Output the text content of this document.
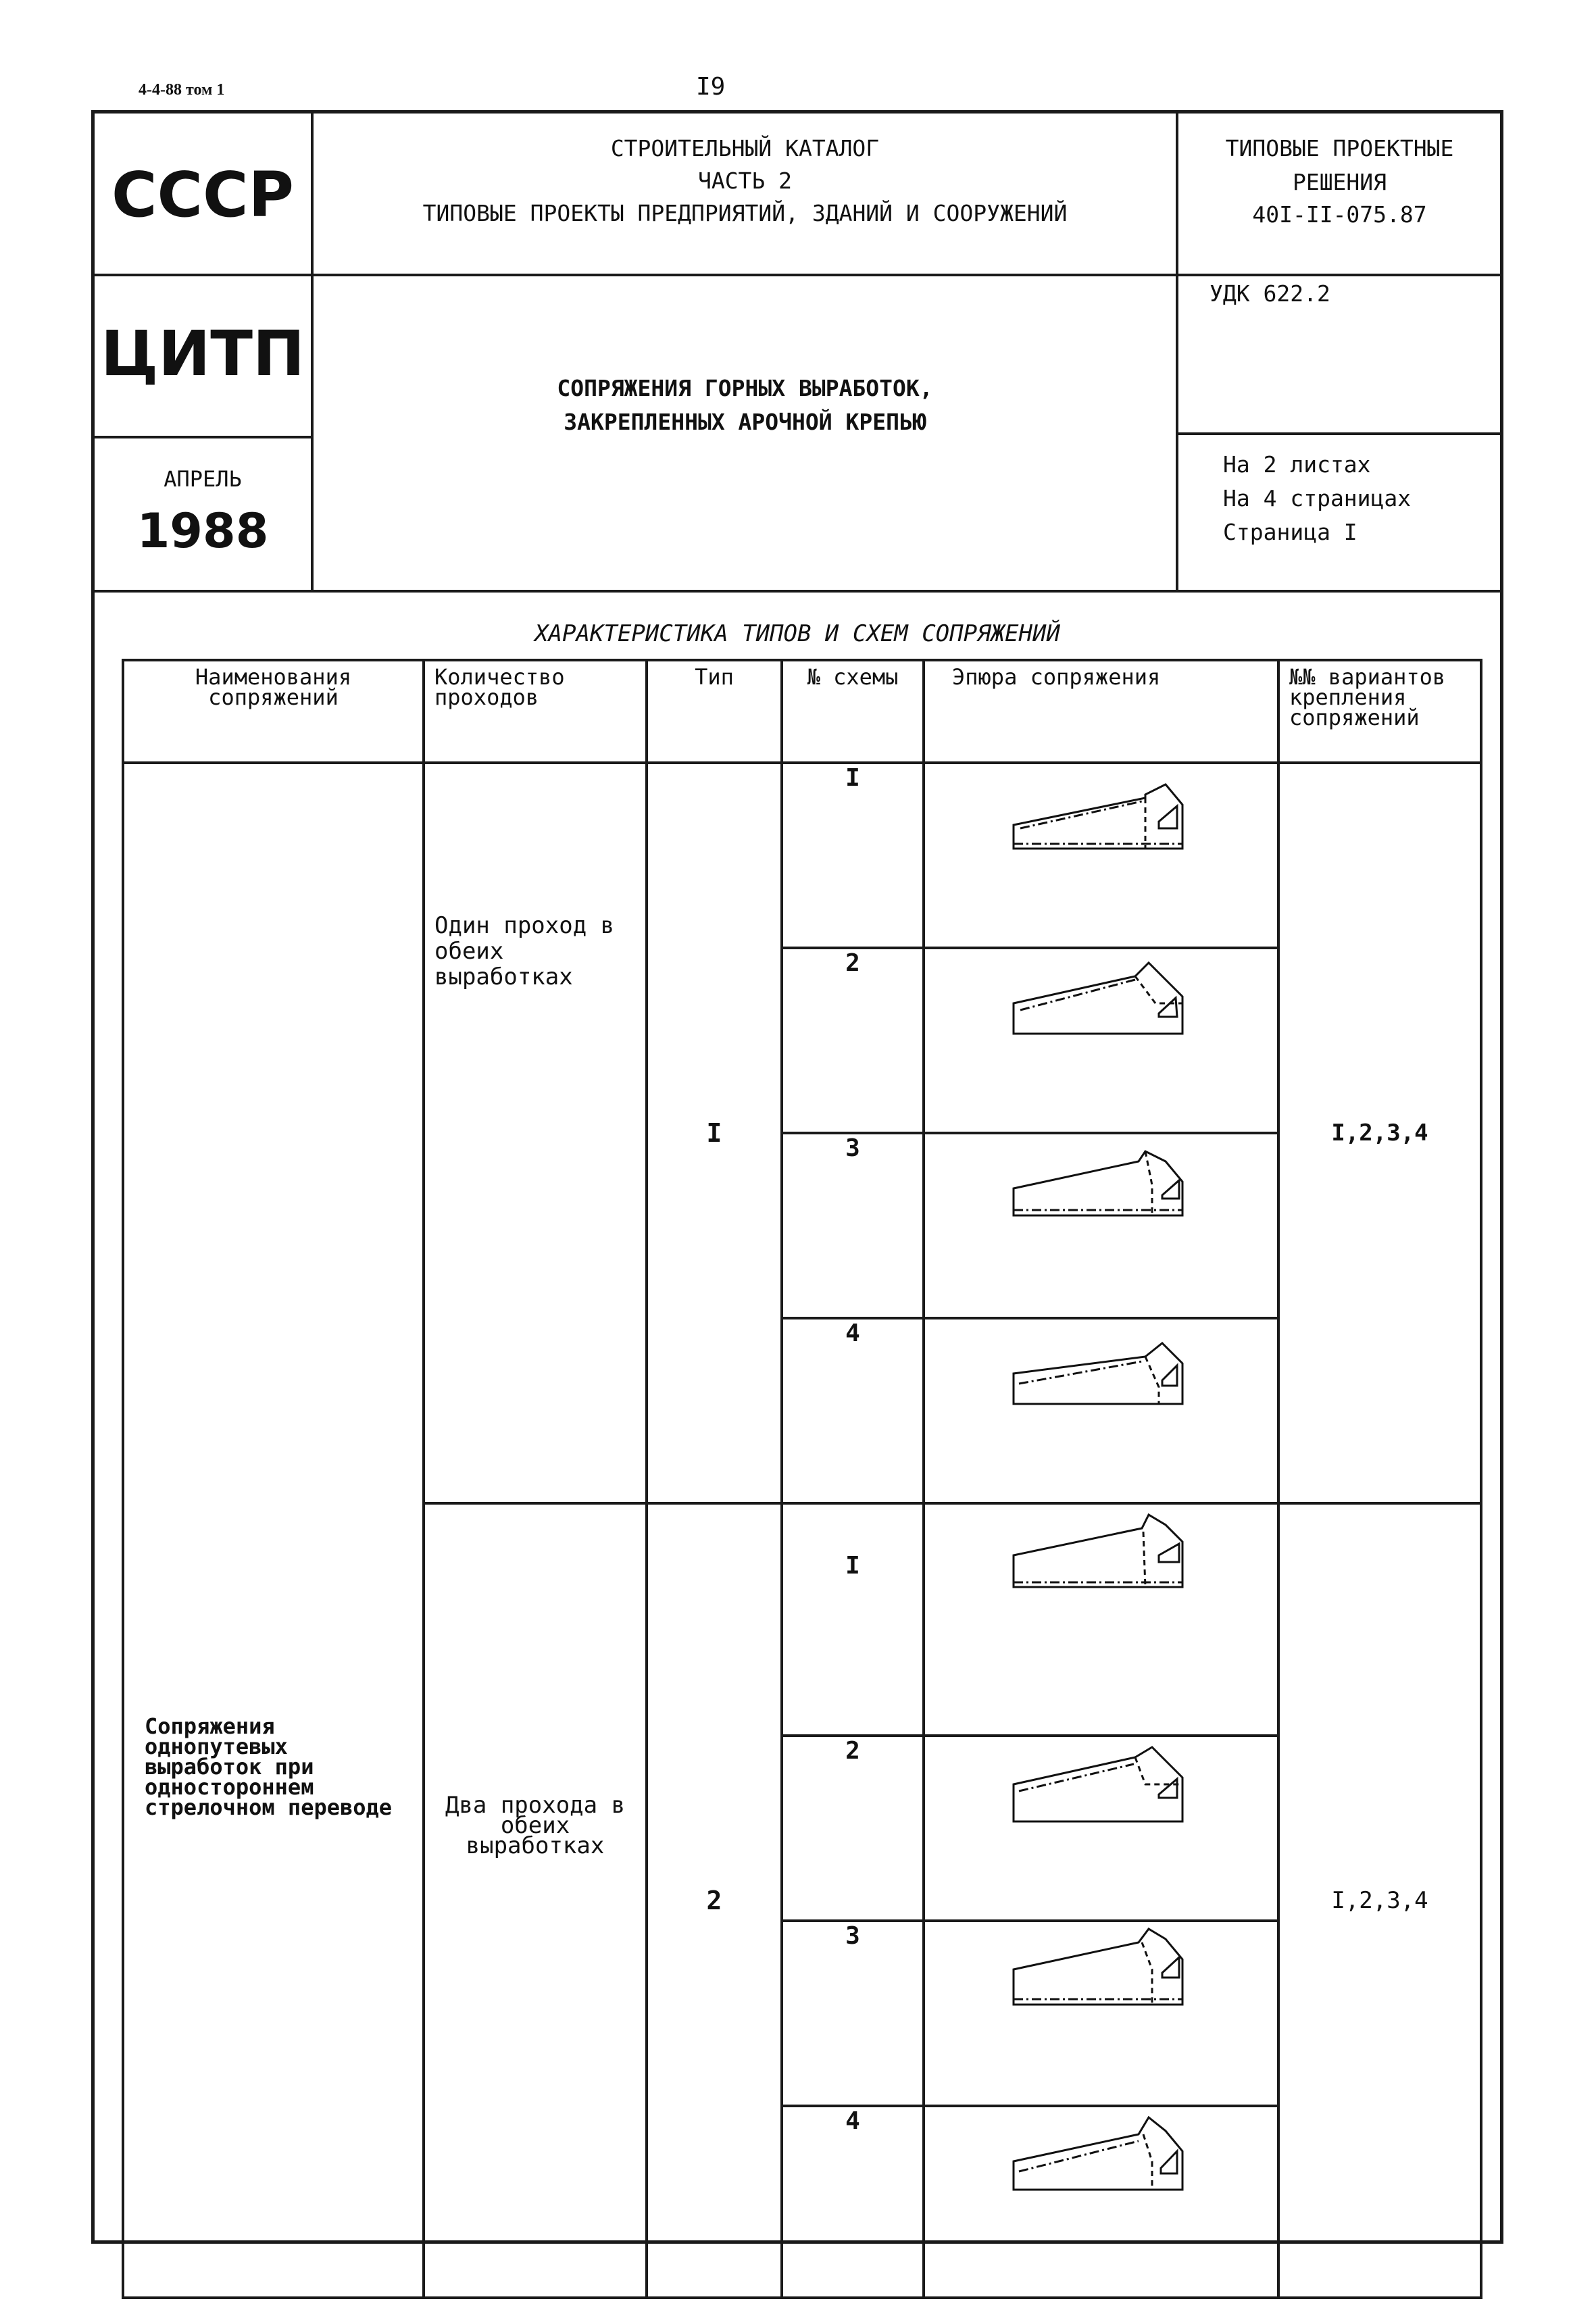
4-4-88 том 1	I9
СССР
ЦИТП
АПРЕЛЬ
1988
СТРОИТЕЛЬНЫЙ КАТАЛОГ
ЧАСТЬ 2
ТИПОВЫЕ ПРОЕКТЫ ПРЕДПРИЯТИЙ, ЗДАНИЙ И СООРУЖЕНИЙ
ТИПОВЫЕ ПРОЕКТНЫЕ
РЕШЕНИЯ
40I-II-075.87
УДК 622.2
СОПРЯЖЕНИЯ ГОРНЫХ ВЫРАБОТОК,
ЗАКРЕПЛЕННЫХ АРОЧНОЙ КРЕПЬЮ
На 2 листах
На 4 страницах
Страница I
ХАРАКТЕРИСТИКА ТИПОВ И СХЕМ СОПРЯЖЕНИЙ
Наименования сопряжений	Количество проходов	Тип	№ схемы	Эпюра сопряжения	№№ вариантов крепления сопряжений

Сопряжения однопутевых выработок при одностороннем стрелочном переводе	Один проход в обеих выработках	I	I		I,2,3,4
			2	
			3	
			4	

	Два прохода в обеих выработках	2	I		I,2,3,4
			2	
			3	
			4	
